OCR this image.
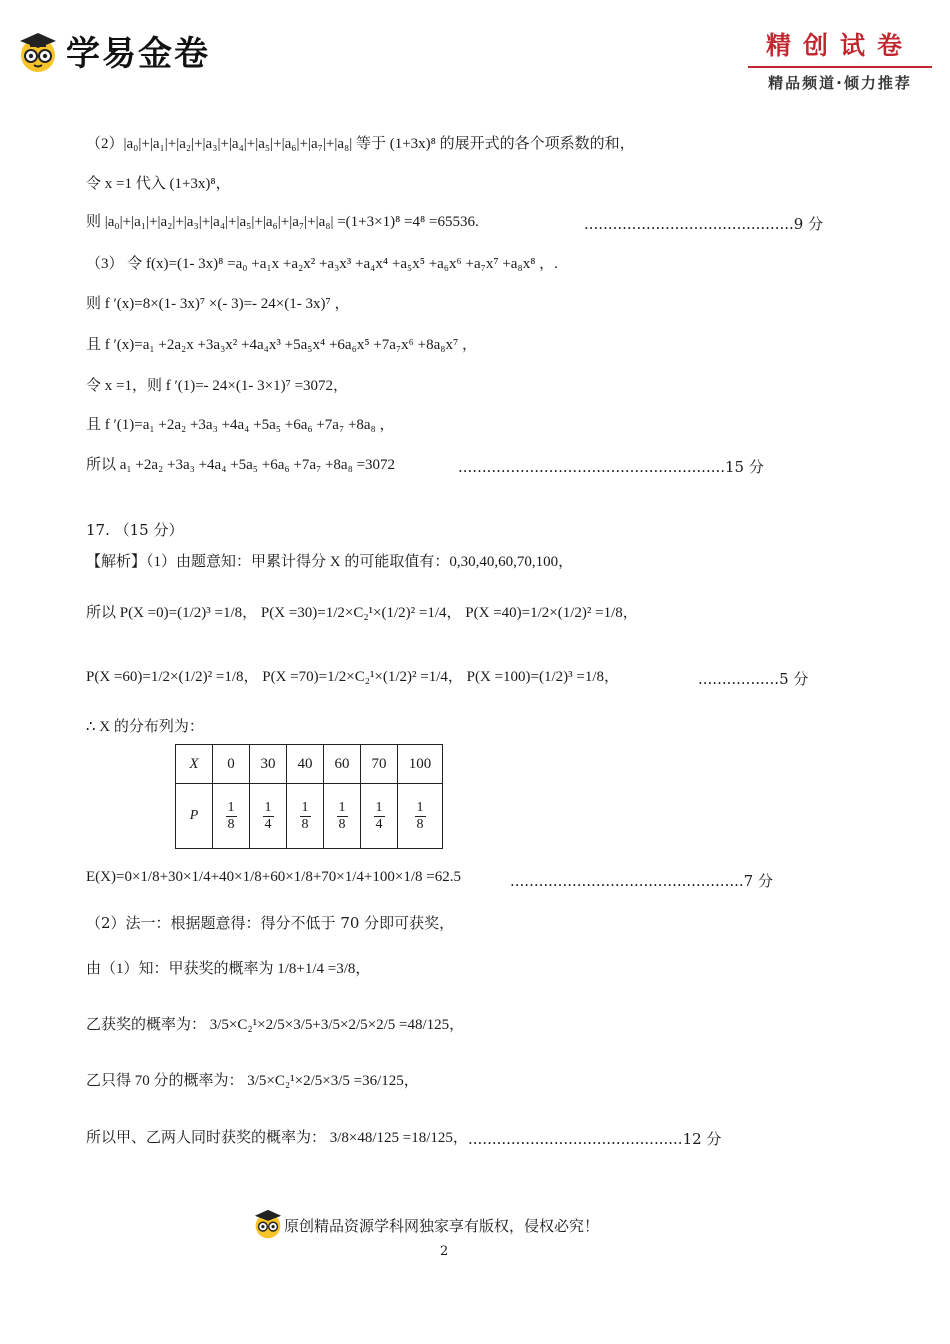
学易金卷	精创试卷
精品频道·倾力推荐
（2）|a₀|+|a₁|+|a₂|+|a₃|+|a₄|+|a₅|+|a₆|+|a₇|+|a₈| 等于 (1+3x)⁸ 的展开式的各个项系数的和，
令 x =1 代入 (1+3x)⁸，
则 |a₀|+|a₁|+|a₂|+|a₃|+|a₄|+|a₅|+|a₆|+|a₇|+|a₈| =(1+3×1)⁸ =4⁸ =65536.	............................................9 分
（3） 令 f(x)=(1- 3x)⁸ =a₀ +a₁x +a₂x² +a₃x³ +a₄x⁴ +a₅x⁵ +a₆x⁶ +a₇x⁷ +a₈x⁸ ，.
则 f ′(x)=8×(1- 3x)⁷ ×(- 3)=- 24×(1- 3x)⁷ ，
且 f ′(x)=a₁ +2a₂x +3a₃x² +4a₄x³ +5a₅x⁴ +6a₆x⁵ +7a₇x⁶ +8a₈x⁷ ，
令 x =1，则 f ′(1)=- 24×(1- 3×1)⁷ =3072，
且 f ′(1)=a₁ +2a₂ +3a₃ +4a₄ +5a₅ +6a₆ +7a₇ +8a₈ ，
所以 a₁ +2a₂ +3a₃ +4a₄ +5a₅ +6a₆ +7a₇ +8a₈ =3072	........................................................15 分
17. （15 分）
【解析】（1）由题意知：甲累计得分 X 的可能取值有：0,30,40,60,70,100，
所以 P(X =0)=(1/2)³ =1/8， P(X =30)=1/2×C₂¹×(1/2)² =1/4， P(X =40)=1/2×(1/2)² =1/8，
P(X =60)=1/2×(1/2)² =1/8， P(X =70)=1/2×C₂¹×(1/2)² =1/4， P(X =100)=(1/2)³ =1/8，	.................5 分
∴ X 的分布列为：
X	0	30	40	60	70	100
P	$\frac{1}{8}$	$\frac{1}{4}$	$\frac{1}{8}$	$\frac{1}{8}$	$\frac{1}{4}$	$\frac{1}{8}$
E(X)=0×1/8+30×1/4+40×1/8+60×1/8+70×1/4+100×1/8 =62.5	.................................................7 分
（2）法一：根据题意得：得分不低于 70 分即可获奖，
由（1）知：甲获奖的概率为 1/8+1/4 =3/8，
乙获奖的概率为： 3/5×C₂¹×2/5×3/5+3/5×2/5×2/5 =48/125，
乙只得 70 分的概率为： 3/5×C₂¹×2/5×3/5 =36/125，
所以甲、乙两人同时获奖的概率为： 3/8×48/125 =18/125， .............................................12 分
原创精品资源学科网独家享有版权，侵权必究！
2
